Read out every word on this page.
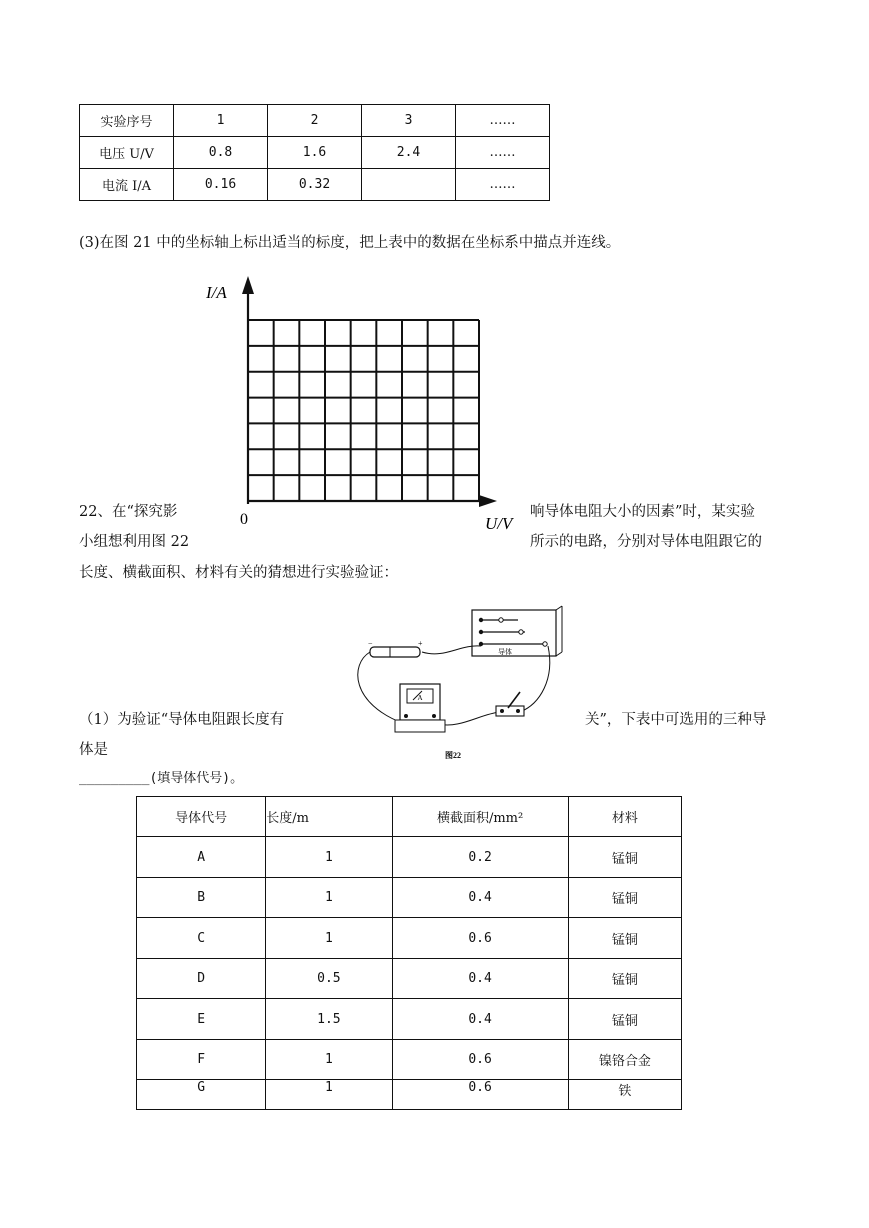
实验序号	1	2	3	……
电压 U/V	0.8	1.6	2.4	……
电流 I/A	0.16	0.32		……
(3)在图 21 中的坐标轴上标出适当的标度，把上表中的数据在坐标系中描点并连线。
I/A
0	U/V
22、在“探究影	响导体电阻大小的因素”时，某实验
小组想利用图 22	所示的电路，分别对导体电阻跟它的
长度、横截面积、材料有关的猜想进行实验验证：
导体
−	+
A
图22
（1）为验证“导体电阻跟长度有	关”，下表中可选用的三种导
体是
_________(填导体代号)。
导体代号	长度/m	横截面积/mm²	材料
A	1	0.2	锰铜
B	1	0.4	锰铜
C	1	0.6	锰铜
D	0.5	0.4	锰铜
E	1.5	0.4	锰铜
F	1	0.6	镍铬合金
G	1	0.6	铁
